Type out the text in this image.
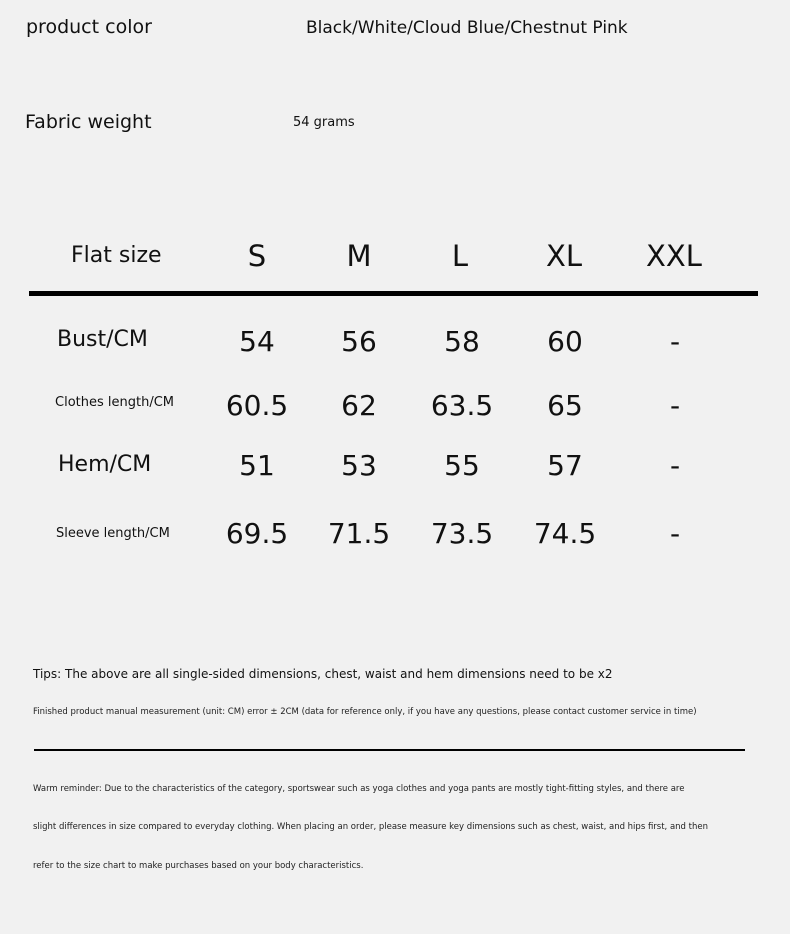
product color	Black/White/Cloud Blue/Chestnut Pink
Fabric weight	54 grams
Flat size	S	M	L	XL	XXL
Bust/CM	54	56	58	60	-
Clothes length/CM	60.5	62	63.5	65	-
Hem/CM	51	53	55	57	-
Sleeve length/CM	69.5	71.5	73.5	74.5	-
Tips: The above are all single-sided dimensions, chest, waist and hem dimensions need to be x2
Finished product manual measurement (unit: CM) error ± 2CM (data for reference only, if you have any questions, please contact customer service in time)
Warm reminder: Due to the characteristics of the category, sportswear such as yoga clothes and yoga pants are mostly tight-fitting styles, and there are
slight differences in size compared to everyday clothing. When placing an order, please measure key dimensions such as chest, waist, and hips first, and then
refer to the size chart to make purchases based on your body characteristics.
